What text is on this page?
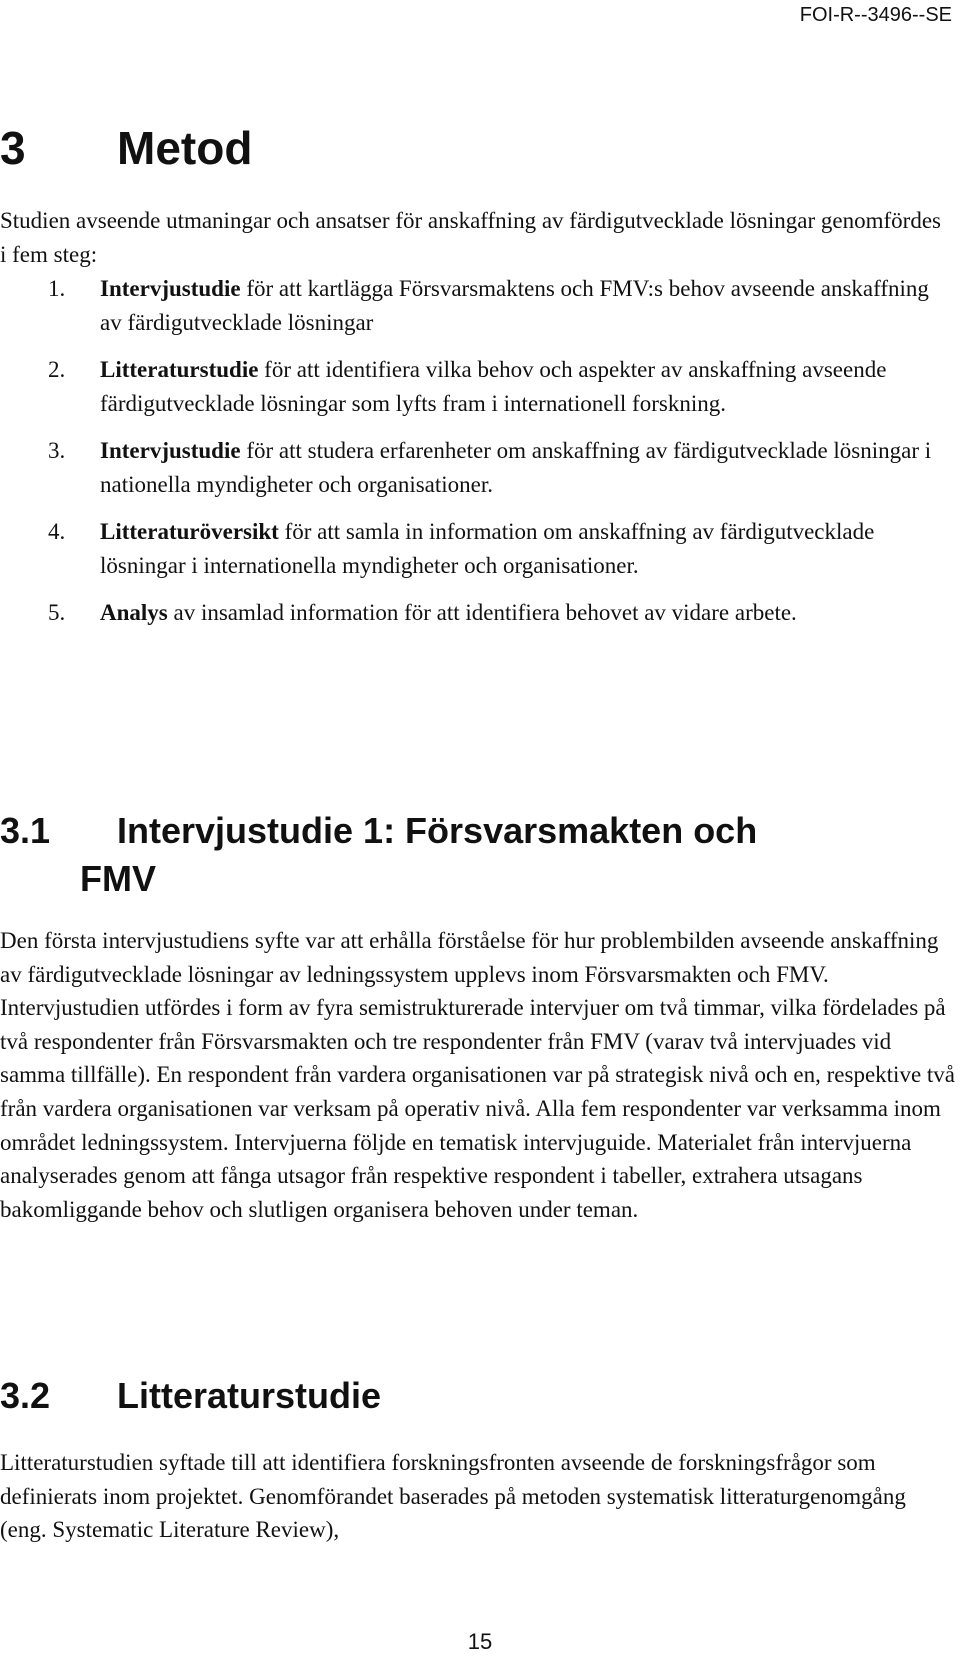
FOI-R--3496--SE
3 Metod

Studien avseende utmaningar och ansatser för anskaffning av färdigutvecklade lösningar genomfördes i fem steg:

1. Intervjustudie för att kartlägga Försvarsmaktens och FMV:s behov avseende anskaffning av färdigutvecklade lösningar
2. Litteraturstudie för att identifiera vilka behov och aspekter av anskaffning avseende färdigutvecklade lösningar som lyfts fram i internationell forskning.
3. Intervjustudie för att studera erfarenheter om anskaffning av färdigutvecklade lösningar i nationella myndigheter och organisationer.
4. Litteraturöversikt för att samla in information om anskaffning av färdigutvecklade lösningar i internationella myndigheter och organisationer.
5. Analys av insamlad information för att identifiera behovet av vidare arbete.
3.1 Intervjustudie 1: Försvarsmakten och
FMV

Den första intervjustudiens syfte var att erhålla förståelse för hur problembilden avseende anskaffning av färdigutvecklade lösningar av ledningssystem upplevs inom Försvarsmakten och FMV. Intervjustudien utfördes i form av fyra semistrukturerade intervjuer om två timmar, vilka fördelades på två respondenter från Försvarsmakten och tre respondenter från FMV (varav två intervjuades vid samma tillfälle). En respondent från vardera organisationen var på strategisk nivå och en, respektive två från vardera organisationen var verksam på operativ nivå. Alla fem respondenter var verksamma inom området ledningssystem. Intervjuerna följde en tematisk intervjuguide. Materialet från intervjuerna analyserades genom att fånga utsagor från respektive respondent i tabeller, extrahera utsagans bakomliggande behov och slutligen organisera behoven under teman.

3.2 Litteraturstudie

Litteraturstudien syftade till att identifiera forskningsfronten avseende de forskningsfrågor som definierats inom projektet. Genomförandet baserades på metoden systematisk litteraturgenomgång (eng. Systematic Literature Review),

15
